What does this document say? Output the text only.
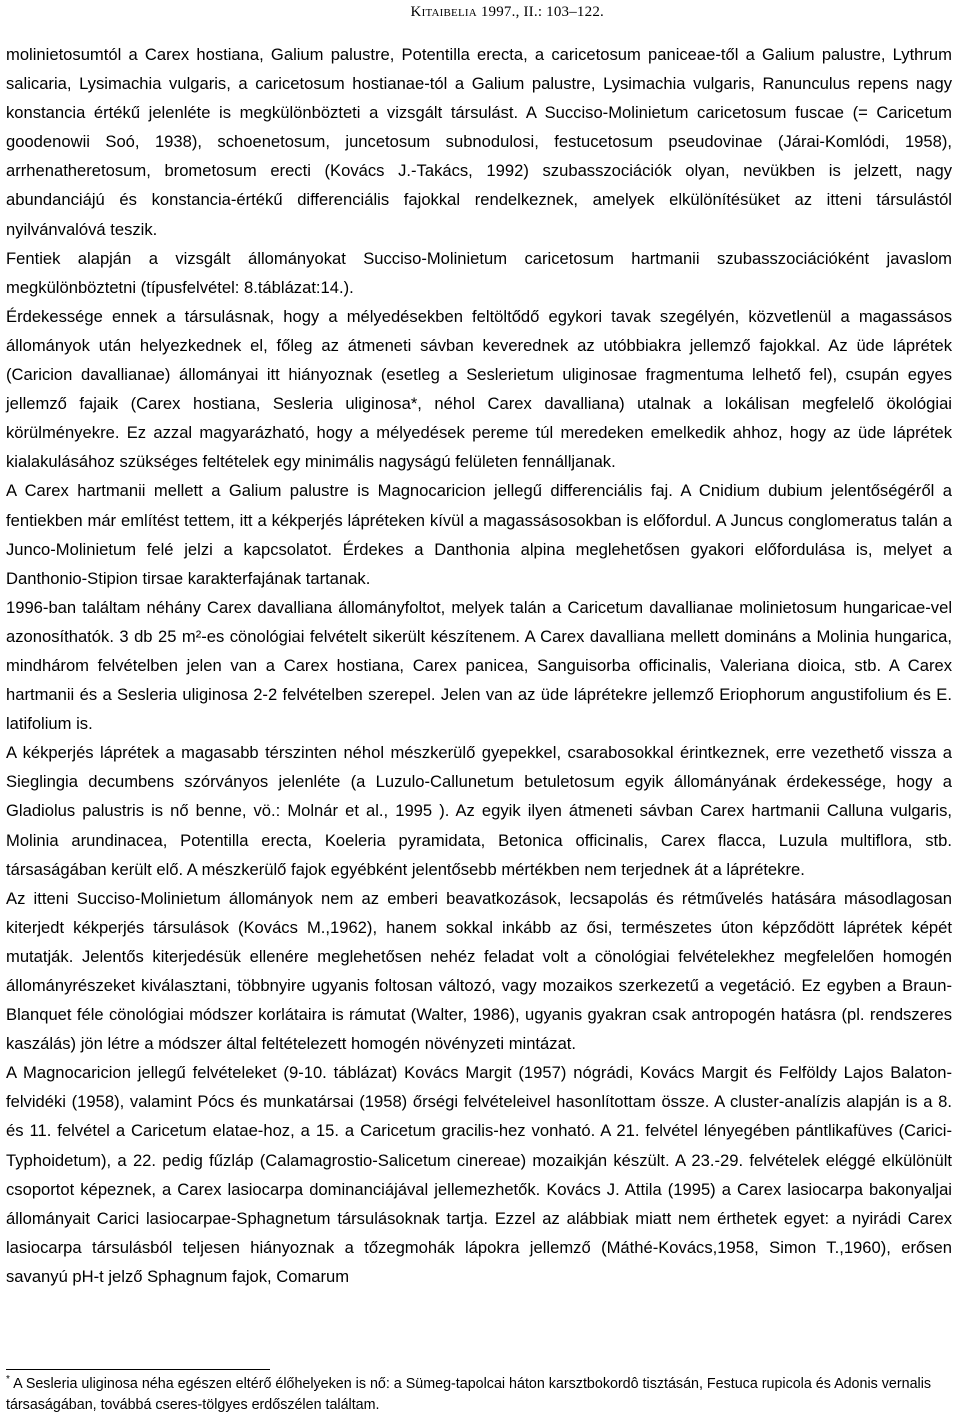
Kitaibelia 1997., II.: 103–122.

molinietosumtól a Carex hostiana, Galium palustre, Potentilla erecta, a caricetosum paniceae-től a Galium palustre, Lythrum salicaria, Lysimachia vulgaris, a caricetosum hostianae-tól a Galium palustre, Lysimachia vulgaris, Ranunculus repens nagy konstancia értékű jelenléte is megkülönbözteti a vizsgált társulást. A Succiso-Molinietum caricetosum fuscae (= Caricetum goodenowii Soó, 1938), schoenetosum, juncetosum subnodulosi, festucetosum pseudovinae (Járai-Komlódi, 1958), arrhenatheretosum, brometosum erecti (Kovács J.-Takács, 1992) szubasszociációk olyan, nevükben is jelzett, nagy abundanciájú és konstancia-értékű differenciális fajokkal rendelkeznek, amelyek elkülönítésüket az itteni társulástól nyilvánvalóvá teszik.

Fentiek alapján a vizsgált állományokat Succiso-Molinietum caricetosum hartmanii szubasszociációként javaslom megkülönböztetni (típusfelvétel: 8.táblázat:14.).

Érdekessége ennek a társulásnak, hogy a mélyedésekben feltöltődő egykori tavak szegélyén, közvetlenül a magassásos állományok után helyezkednek el, főleg az átmeneti sávban keverednek az utóbbiakra jellemző fajokkal. Az üde láprétek (Caricion davallianae) állományai itt hiányoznak (esetleg a Seslerietum uliginosae fragmentuma lelhető fel), csupán egyes jellemző fajaik (Carex hostiana, Sesleria uliginosa*, néhol Carex davalliana) utalnak a lokálisan megfelelő ökológiai körülményekre. Ez azzal magyarázható, hogy a mélyedések pereme túl meredeken emelkedik ahhoz, hogy az üde láprétek kialakulásához szükséges feltételek egy minimális nagyságú felületen fennálljanak.

A Carex hartmanii mellett a Galium palustre is Magnocaricion jellegű differenciális faj. A Cnidium dubium jelentőségéről a fentiekben már említést tettem, itt a kékperjés lápréteken kívül a magassásosokban is előfordul. A Juncus conglomeratus talán a Junco-Molinietum felé jelzi a kapcsolatot. Érdekes a Danthonia alpina meglehetősen gyakori előfordulása is, melyet a Danthonio-Stipion tirsae karakterfajának tartanak.

1996-ban találtam néhány Carex davalliana állományfoltot, melyek talán a Caricetum davallianae molinietosum hungaricae-vel azonosíthatók. 3 db 25 m²-es cönológiai felvételt sikerült készítenem. A Carex davalliana mellett domináns a Molinia hungarica, mindhárom felvételben jelen van a Carex hostiana, Carex panicea, Sanguisorba officinalis, Valeriana dioica, stb. A Carex hartmanii és a Sesleria uliginosa 2-2 felvételben szerepel. Jelen van az üde láprétekre jellemző Eriophorum angustifolium és E. latifolium is.

A kékperjés láprétek a magasabb térszinten néhol mészkerülő gyepekkel, csarabosokkal érintkeznek, erre vezethető vissza a Sieglingia decumbens szórványos jelenléte (a Luzulo-Callunetum betuletosum egyik állományának érdekessége, hogy a Gladiolus palustris is nő benne, vö.: Molnár et al., 1995 ). Az egyik ilyen átmeneti sávban Carex hartmanii Calluna vulgaris, Molinia arundinacea, Potentilla erecta, Koeleria pyramidata, Betonica officinalis, Carex flacca, Luzula multiflora, stb. társaságában került elő. A mészkerülő fajok egyébként jelentősebb mértékben nem terjednek át a láprétekre.

Az itteni Succiso-Molinietum állományok nem az emberi beavatkozások, lecsapolás és rétművelés hatására másodlagosan kiterjedt kékperjés társulások (Kovács M.,1962), hanem sokkal inkább az ősi, természetes úton képződött láprétek képét mutatják. Jelentős kiterjedésük ellenére meglehetősen nehéz feladat volt a cönológiai felvételekhez megfelelően homogén állományrészeket kiválasztani, többnyire ugyanis foltosan változó, vagy mozaikos szerkezetű a vegetáció. Ez egyben a Braun-Blanquet féle cönológiai módszer korlátaira is rámutat (Walter, 1986), ugyanis gyakran csak antropogén hatásra (pl. rendszeres kaszálás) jön létre a módszer által feltételezett homogén növényzeti mintázat.

A Magnocaricion jellegű felvételeket (9-10. táblázat) Kovács Margit (1957) nógrádi, Kovács Margit és Felföldy Lajos Balaton-felvidéki (1958), valamint Pócs és munkatársai (1958) őrségi felvételeivel hasonlítottam össze. A cluster-analízis alapján is a 8. és 11. felvétel a Caricetum elatae-hoz, a 15. a Caricetum gracilis-hez vonható. A 21. felvétel lényegében pántlikafüves (Carici-Typhoidetum), a 22. pedig fűzláp (Calamagrostio-Salicetum cinereae) mozaikján készült. A 23.-29. felvételek eléggé elkülönült csoportot képeznek, a Carex lasiocarpa dominanciájával jellemezhetők. Kovács J. Attila (1995) a Carex lasiocarpa bakonyaljai állományait Carici lasiocarpae-Sphagnetum társulásoknak tartja. Ezzel az alábbiak miatt nem érthetek egyet: a nyirádi Carex lasiocarpa társulásból teljesen hiányoznak a tőzegmohák lápokra jellemző (Máthé-Kovács,1958, Simon T.,1960), erősen savanyú pH-t jelző Sphagnum fajok, Comarum

* A Sesleria uliginosa néha egészen eltérő élőhelyeken is nő: a Sümeg-tapolcai háton karsztbokordô tisztásán, Festuca rupicola és Adonis vernalis társaságában, továbbá cseres-tölgyes erdőszélen találtam.
